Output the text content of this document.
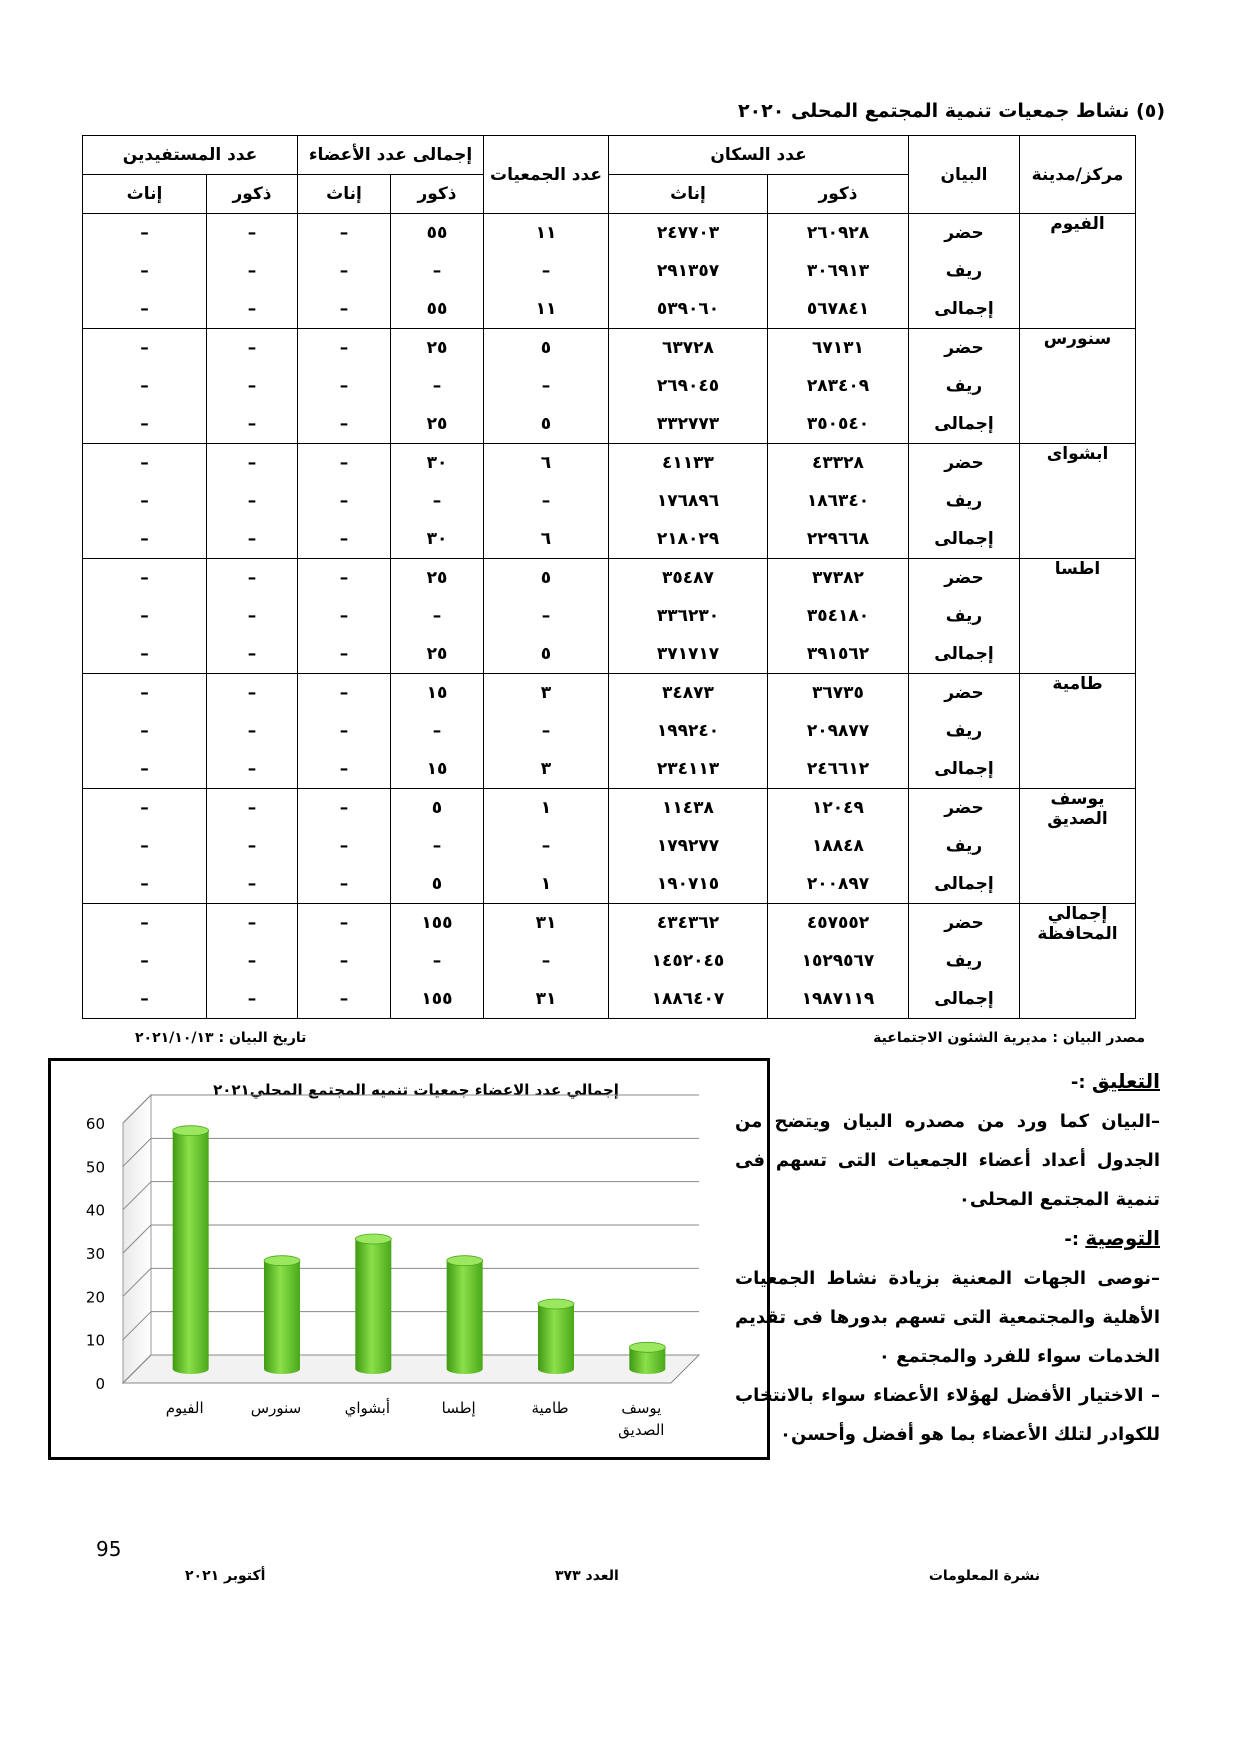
(٥) نشاط جمعيات تنمية المجتمع المحلى ٢٠٢٠
مركز/مدينة	البيان	عدد السكان		عدد الجمعيات	إجمالى عدد الأعضاء		عدد المستفيدين	
		ذكور	إناث		ذكور	إناث	ذكور	إناث
الفيوم	حضر	٢٦٠٩٢٨	٢٤٧٧٠٣	١١	٥٥	–	–	–
	ريف	٣٠٦٩١٣	٢٩١٣٥٧	–	–	–	–	–
	إجمالى	٥٦٧٨٤١	٥٣٩٠٦٠	١١	٥٥	–	–	–
سنورس	حضر	٦٧١٣١	٦٣٧٢٨	٥	٢٥	–	–	–
	ريف	٢٨٣٤٠٩	٢٦٩٠٤٥	–	–	–	–	–
	إجمالى	٣٥٠٥٤٠	٣٣٢٧٧٣	٥	٢٥	–	–	–
ابشواى	حضر	٤٣٣٢٨	٤١١٣٣	٦	٣٠	–	–	–
	ريف	١٨٦٣٤٠	١٧٦٨٩٦	–	–	–	–	–
	إجمالى	٢٢٩٦٦٨	٢١٨٠٢٩	٦	٣٠	–	–	–
اطسا	حضر	٣٧٣٨٢	٣٥٤٨٧	٥	٢٥	–	–	–
	ريف	٣٥٤١٨٠	٣٣٦٢٣٠	–	–	–	–	–
	إجمالى	٣٩١٥٦٢	٣٧١٧١٧	٥	٢٥	–	–	–
طامية	حضر	٣٦٧٣٥	٣٤٨٧٣	٣	١٥	–	–	–
	ريف	٢٠٩٨٧٧	١٩٩٢٤٠	–	–	–	–	–
	إجمالى	٢٤٦٦١٢	٢٣٤١١٣	٣	١٥	–	–	–
يوسف الصديق	حضر	١٢٠٤٩	١١٤٣٨	١	٥	–	–	–
	ريف	١٨٨٤٨	١٧٩٢٧٧	–	–	–	–	–
	إجمالى	٢٠٠٨٩٧	١٩٠٧١٥	١	٥	–	–	–
إجمالي المحافظة	حضر	٤٥٧٥٥٢	٤٣٤٣٦٢	٣١	١٥٥	–	–	–
	ريف	١٥٢٩٥٦٧	١٤٥٢٠٤٥	–	–	–	–	–
	إجمالى	١٩٨٧١١٩	١٨٨٦٤٠٧	٣١	١٥٥	–	–	–
مصدر البيان : مديرية الشئون الاجتماعية
تاريخ البيان : ٢٠٢١/١٠/١٣
إجمالي عدد الاعضاء جمعيات تنميه المجتمع المحلي٢٠٢١
0
10
20
30
40
50
60
الفيوم	سنورس	أبشواي	إطسا	طامية	يوسف
الصديق

التعليق :-

–البيان كما ورد من مصدره البيان ويتضح من الجدول أعداد أعضاء الجمعيات التى تسهم فى تنمية المجتمع المحلى٠

التوصية :-

–نوصى الجهات المعنية بزيادة نشاط الجمعيات الأهلية والمجتمعية التى تسهم بدورها فى تقديم الخدمات سواء للفرد والمجتمع ٠

– الاختيار الأفضل لهؤلاء الأعضاء سواء بالانتخاب للكوادر لتلك الأعضاء بما هو أفضل وأحسن٠

95
نشرة المعلومات
العدد ٣٧٣
أكتوبر ٢٠٢١
